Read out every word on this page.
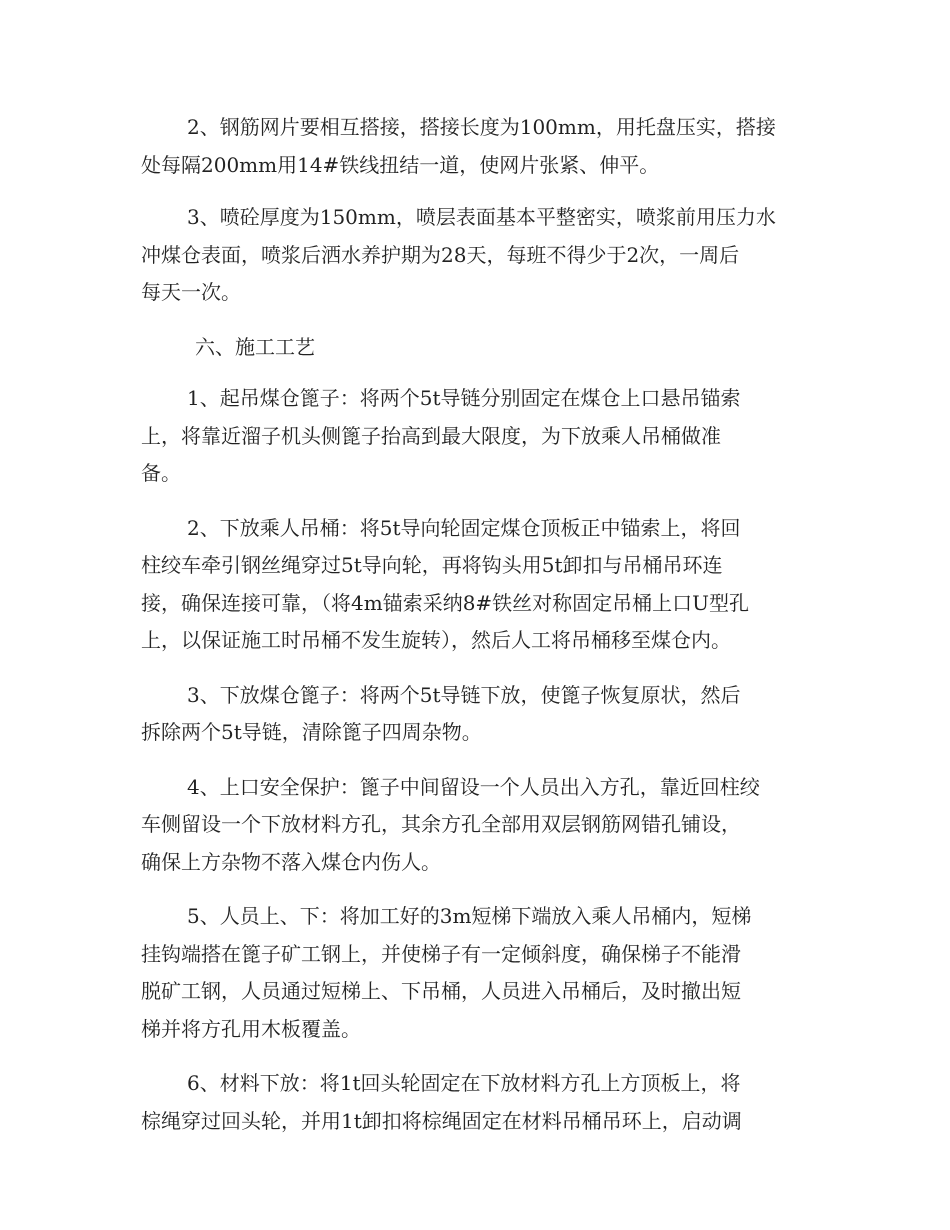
2、钢筋网片要相互搭接，搭接长度为100mm，用托盘压实，搭接
处每隔200mm用14#铁线扭结一道，使网片张紧、伸平。
3、喷砼厚度为150mm，喷层表面基本平整密实，喷浆前用压力水
冲煤仓表面，喷浆后洒水养护期为28天，每班不得少于2次，一周后
每天一次。

六、施工工艺

1、起吊煤仓篦子：将两个5t导链分别固定在煤仓上口悬吊锚索
上，将靠近溜子机头侧篦子抬高到最大限度，为下放乘人吊桶做准
备。
2、下放乘人吊桶：将5t导向轮固定煤仓顶板正中锚索上，将回
柱绞车牵引钢丝绳穿过5t导向轮，再将钩头用5t卸扣与吊桶吊环连
接，确保连接可靠，（将4m锚索采纳8#铁丝对称固定吊桶上口U型孔
上，以保证施工时吊桶不发生旋转），然后人工将吊桶移至煤仓内。
3、下放煤仓篦子：将两个5t导链下放，使篦子恢复原状，然后
拆除两个5t导链，清除篦子四周杂物。
4、上口安全保护：篦子中间留设一个人员出入方孔，靠近回柱绞
车侧留设一个下放材料方孔，其余方孔全部用双层钢筋网错孔铺设，
确保上方杂物不落入煤仓内伤人。
5、人员上、下：将加工好的3m短梯下端放入乘人吊桶内，短梯
挂钩端搭在篦子矿工钢上，并使梯子有一定倾斜度，确保梯子不能滑
脱矿工钢，人员通过短梯上、下吊桶，人员进入吊桶后，及时撤出短
梯并将方孔用木板覆盖。
6、材料下放：将1t回头轮固定在下放材料方孔上方顶板上，将
棕绳穿过回头轮，并用1t卸扣将棕绳固定在材料吊桶吊环上，启动调
